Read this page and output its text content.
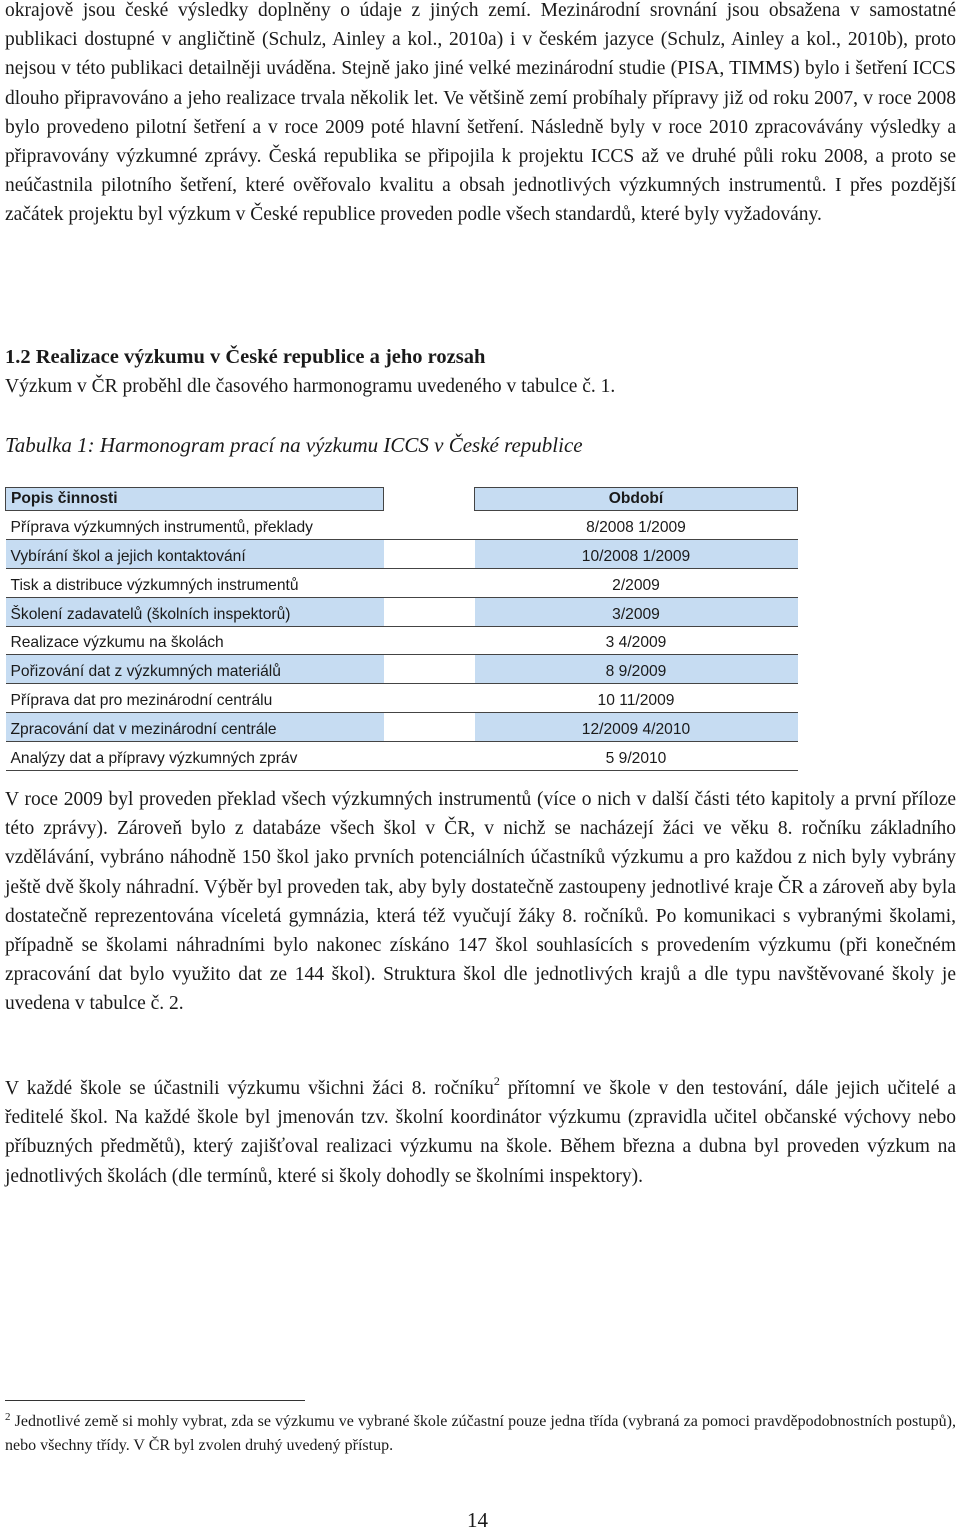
okrajově jsou české výsledky doplněny o údaje z jiných zemí. Mezinárodní srovnání jsou obsažena v samostatné publikaci dostupné v angličtině (Schulz, Ainley a kol., 2010a) i v českém jazyce (Schulz, Ainley a kol., 2010b), proto nejsou v této publikaci detailněji uváděna. Stejně jako jiné velké mezinárodní studie (PISA, TIMMS) bylo i šetření ICCS dlouho připravováno a jeho realizace trvala několik let. Ve většině zemí probíhaly přípravy již od roku 2007, v roce 2008 bylo provedeno pilotní šetření a v roce 2009 poté hlavní šetření. Následně byly v roce 2010 zpracovávány výsledky a připravovány výzkumné zprávy. Česká republika se připojila k projektu ICCS až ve druhé půli roku 2008, a proto se neúčastnila pilotního šetření, které ověřovalo kvalitu a obsah jednotlivých výzkumných instrumentů. I přes pozdější začátek projektu byl výzkum v České republice proveden podle všech standardů, které byly vyžadovány.

1.2 Realizace výzkumu v České republice a jeho rozsah

Výzkum v ČR proběhl dle časového harmonogramu uvedeného v tabulce č. 1.

Tabulka 1: Harmonogram prací na výzkumu ICCS v České republice

Popis činnosti		Období
Příprava výzkumných instrumentů, překlady		8/2008 1/2009
Vybírání škol a jejich kontaktování		10/2008 1/2009
Tisk a distribuce výzkumných instrumentů		2/2009
Školení zadavatelů (školních inspektorů)		3/2009
Realizace výzkumu na školách		3 4/2009
Pořizování dat z výzkumných materiálů		8 9/2009
Příprava dat pro mezinárodní centrálu		10 11/2009
Zpracování dat v mezinárodní centrále		12/2009 4/2010
Analýzy dat a přípravy výzkumných zpráv		5 9/2010

V roce 2009 byl proveden překlad všech výzkumných instrumentů (více o nich v další části této kapitoly a první příloze této zprávy). Zároveň bylo z databáze všech škol v ČR, v nichž se nacházejí žáci ve věku 8. ročníku základního vzdělávání, vybráno náhodně 150 škol jako prvních potenciálních účastníků výzkumu a pro každou z nich byly vybrány ještě dvě školy náhradní. Výběr byl proveden tak, aby byly dostatečně zastoupeny jednotlivé kraje ČR a zároveň aby byla dostatečně reprezentována víceletá gymnázia, která též vyučují žáky 8. ročníků. Po komunikaci s vybranými školami, případně se školami náhradními bylo nakonec získáno 147 škol souhlasících s provedením výzkumu (při konečném zpracování dat bylo využito dat ze 144 škol). Struktura škol dle jednotlivých krajů a dle typu navštěvované školy je uvedena v tabulce č. 2.

V každé škole se účastnili výzkumu všichni žáci 8. ročníku$^2$ přítomní ve škole v den testování, dále jejich učitelé a ředitelé škol. Na každé škole byl jmenován tzv. školní koordinátor výzkumu (zpravidla učitel občanské výchovy nebo příbuzných předmětů), který zajišťoval realizaci výzkumu na škole. Během března a dubna byl proveden výzkum na jednotlivých školách (dle termínů, které si školy dohodly se školními inspektory).

$^2$ Jednotlivé země si mohly vybrat, zda se výzkumu ve vybrané škole zúčastní pouze jedna třída (vybraná za pomoci pravděpodobnostních postupů), nebo všechny třídy. V ČR byl zvolen druhý uvedený přístup.

14
